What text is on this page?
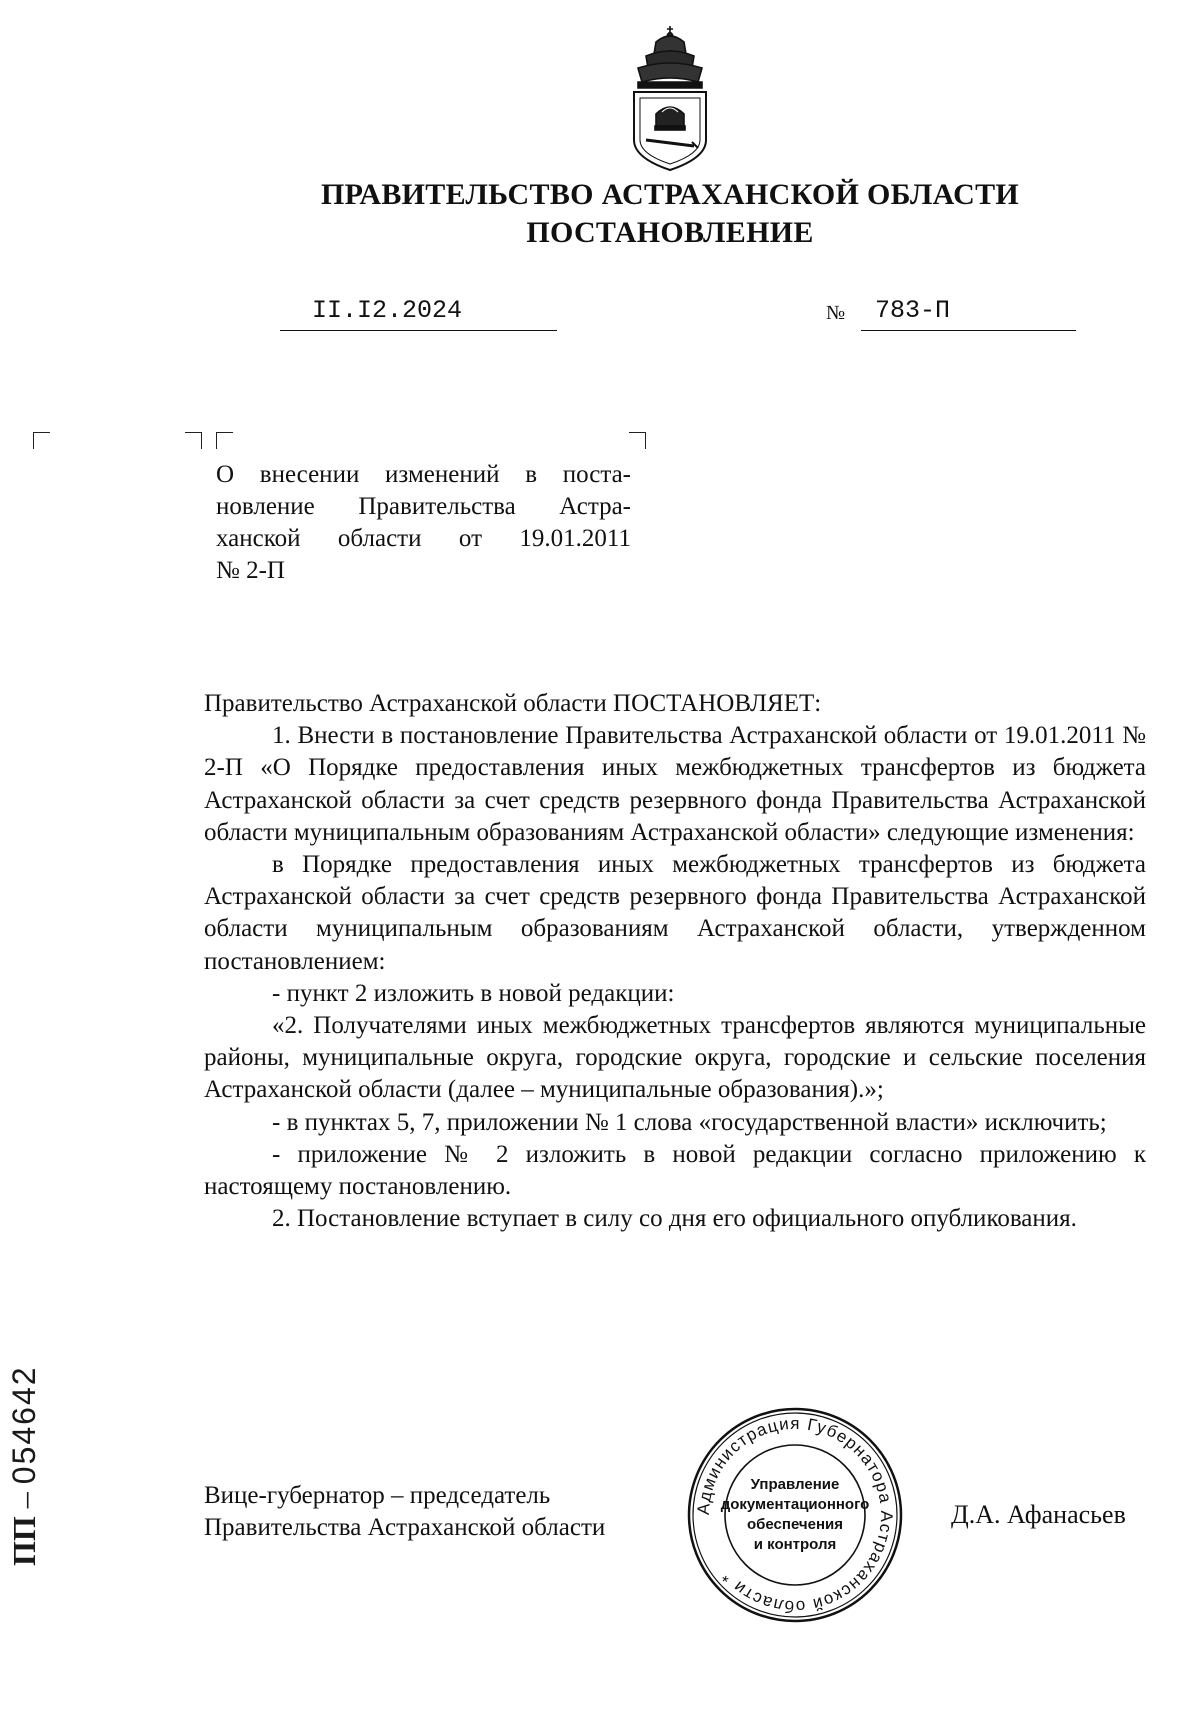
ПРАВИТЕЛЬСТВО АСТРАХАНСКОЙ ОБЛАСТИ
ПОСТАНОВЛЕНИЕ
II.I2.2024	№ 783-П
О внесении изменений в поста-
новление Правительства Астра-
ханской области от 19.01.2011
№ 2-П

Правительство Астраханской области ПОСТАНОВЛЯЕТ:

1. Внести в постановление Правительства Астраханской области от 19.01.2011 № 2-П «О Порядке предоставления иных межбюджетных трансфертов из бюджета Астраханской области за счет средств резервного фонда Правительства Астраханской области муниципальным образованиям Астраханской области» следующие изменения:

в Порядке предоставления иных межбюджетных трансфертов из бюджета Астраханской области за счет средств резервного фонда Правительства Астраханской области муниципальным образованиям Астраханской области, утвержденном постановлением:

- пункт 2 изложить в новой редакции:

«2. Получателями иных межбюджетных трансфертов являются муниципальные районы, муниципальные округа, городские округа, городские и сельские поселения Астраханской области (далее – муниципальные образования).»;

- в пунктах 5, 7, приложении № 1 слова «государственной власти» исключить;

- приложение № 2 изложить в новой редакции согласно приложению к настоящему постановлению.

2. Постановление вступает в силу со дня его официального опубликования.

Вице-губернатор – председатель
Правительства Астраханской области	Д.А. Афанасьев
Администрация Губернатора Астраханской области *
Управление
документационного
обеспечения
и контроля
ПП – 054642
